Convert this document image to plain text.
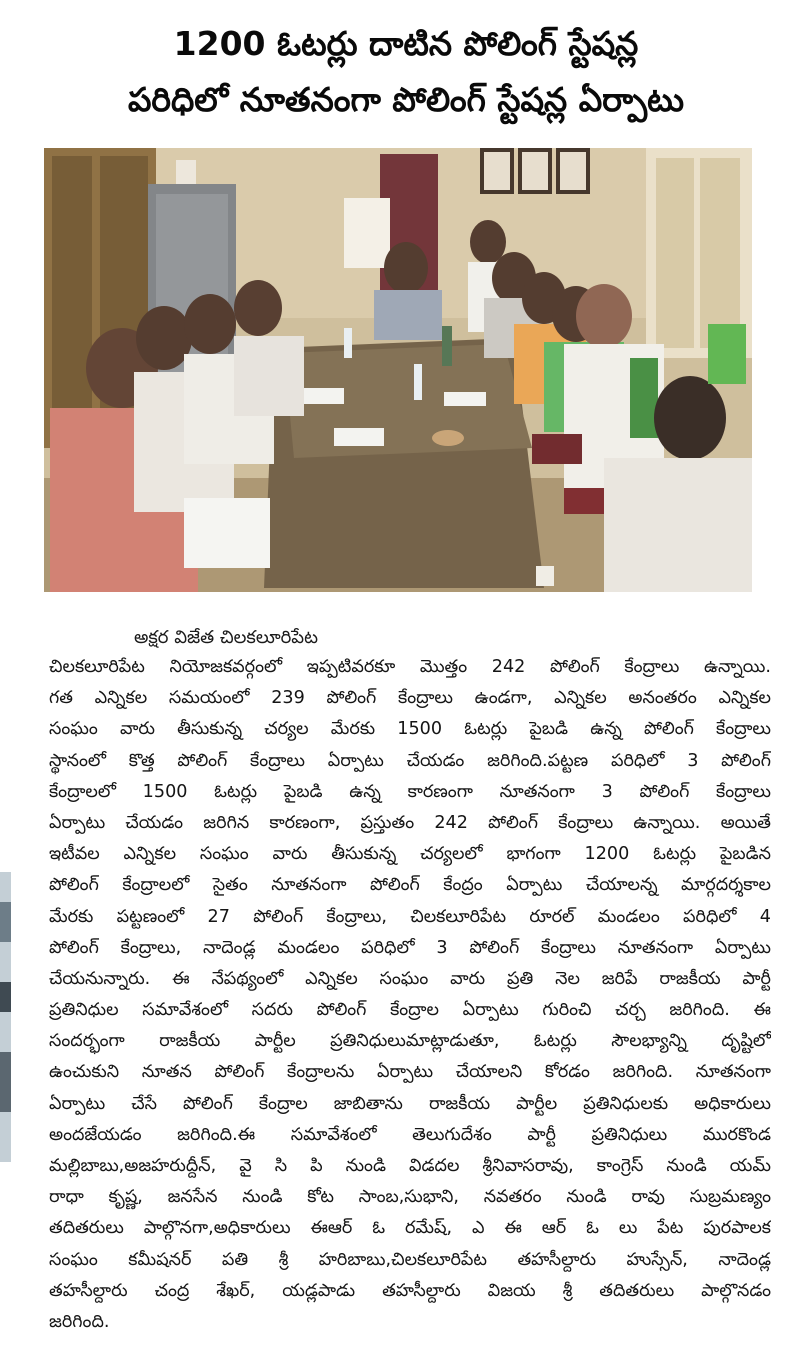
1200 ఓటర్లు దాటిన పోలింగ్ స్టేషన్ల
పరిధిలో నూతనంగా పోలింగ్ స్టేషన్ల ఏర్పాటు
అక్షర విజేత చిలకలూరిపేట
చిలకలూరిపేట నియోజకవర్గంలో ఇప్పటివరకూ మొత్తం 242 పోలింగ్ కేంద్రాలు ఉన్నాయి.
గత ఎన్నికల సమయంలో 239 పోలింగ్ కేంద్రాలు ఉండగా, ఎన్నికల అనంతరం ఎన్నికల
సంఘం వారు తీసుకున్న చర్యల మేరకు 1500 ఓటర్లు పైబడి ఉన్న పోలింగ్ కేంద్రాలు
స్థానంలో కొత్త పోలింగ్ కేంద్రాలు ఏర్పాటు చేయడం జరిగింది.పట్టణ పరిధిలో 3 పోలింగ్
కేంద్రాలలో 1500 ఓటర్లు పైబడి ఉన్న కారణంగా నూతనంగా 3 పోలింగ్ కేంద్రాలు
ఏర్పాటు చేయడం జరిగిన కారణంగా, ప్రస్తుతం 242 పోలింగ్ కేంద్రాలు ఉన్నాయి. అయితే
ఇటీవల ఎన్నికల సంఘం వారు తీసుకున్న చర్యలలో భాగంగా 1200 ఓటర్లు పైబడిన
పోలింగ్ కేంద్రాలలో సైతం నూతనంగా పోలింగ్ కేంద్రం ఏర్పాటు చేయాలన్న మార్గదర్శకాల
మేరకు పట్టణంలో 27 పోలింగ్ కేంద్రాలు, చిలకలూరిపేట రూరల్ మండలం పరిధిలో 4
పోలింగ్ కేంద్రాలు, నాదెండ్ల మండలం పరిధిలో 3 పోలింగ్ కేంద్రాలు నూతనంగా ఏర్పాటు
చేయనున్నారు. ఈ నేపథ్యంలో ఎన్నికల సంఘం వారు ప్రతి నెల జరిపే రాజకీయ పార్టీ
ప్రతినిధుల సమావేశంలో సదరు పోలింగ్ కేంద్రాల ఏర్పాటు గురించి చర్చ జరిగింది. ఈ
సందర్భంగా రాజకీయ పార్టీల ప్రతినిధులుమాట్లాడుతూ, ఓటర్లు సౌలభ్యాన్ని దృష్టిలో
ఉంచుకుని నూతన పోలింగ్ కేంద్రాలను ఏర్పాటు చేయాలని కోరడం జరిగింది. నూతనంగా
ఏర్పాటు చేసే పోలింగ్ కేంద్రాల జాబితాను రాజకీయ పార్టీల ప్రతినిధులకు అధికారులు
అందజేయడం జరిగింది.ఈ సమావేశంలో తెలుగుదేశం పార్టీ ప్రతినిధులు మురకొండ
మల్లిబాబు,అజహరుద్దీన్, వై సి పి నుండి విడదల శ్రీనివాసరావు, కాంగ్రెస్ నుండి యమ్
రాధా కృష్ణ, జనసేన నుండి కోట సాంబ,సుభాని, నవతరం నుండి రావు సుబ్రమణ్యం
తదితరులు పాల్గొనగా,అధికారులు ఈఆర్ ఓ రమేష్, ఎ ఈ ఆర్ ఓ లు పేట పురపాలక
సంఘం కమీషనర్ పతి శ్రీ హరిబాబు,చిలకలూరిపేట తహసీల్దారు హుస్సేన్, నాదెండ్ల
తహసీల్దారు చంద్ర శేఖర్, యడ్లపాడు తహసీల్దారు విజయ శ్రీ తదితరులు పాల్గొనడం
జరిగింది.
